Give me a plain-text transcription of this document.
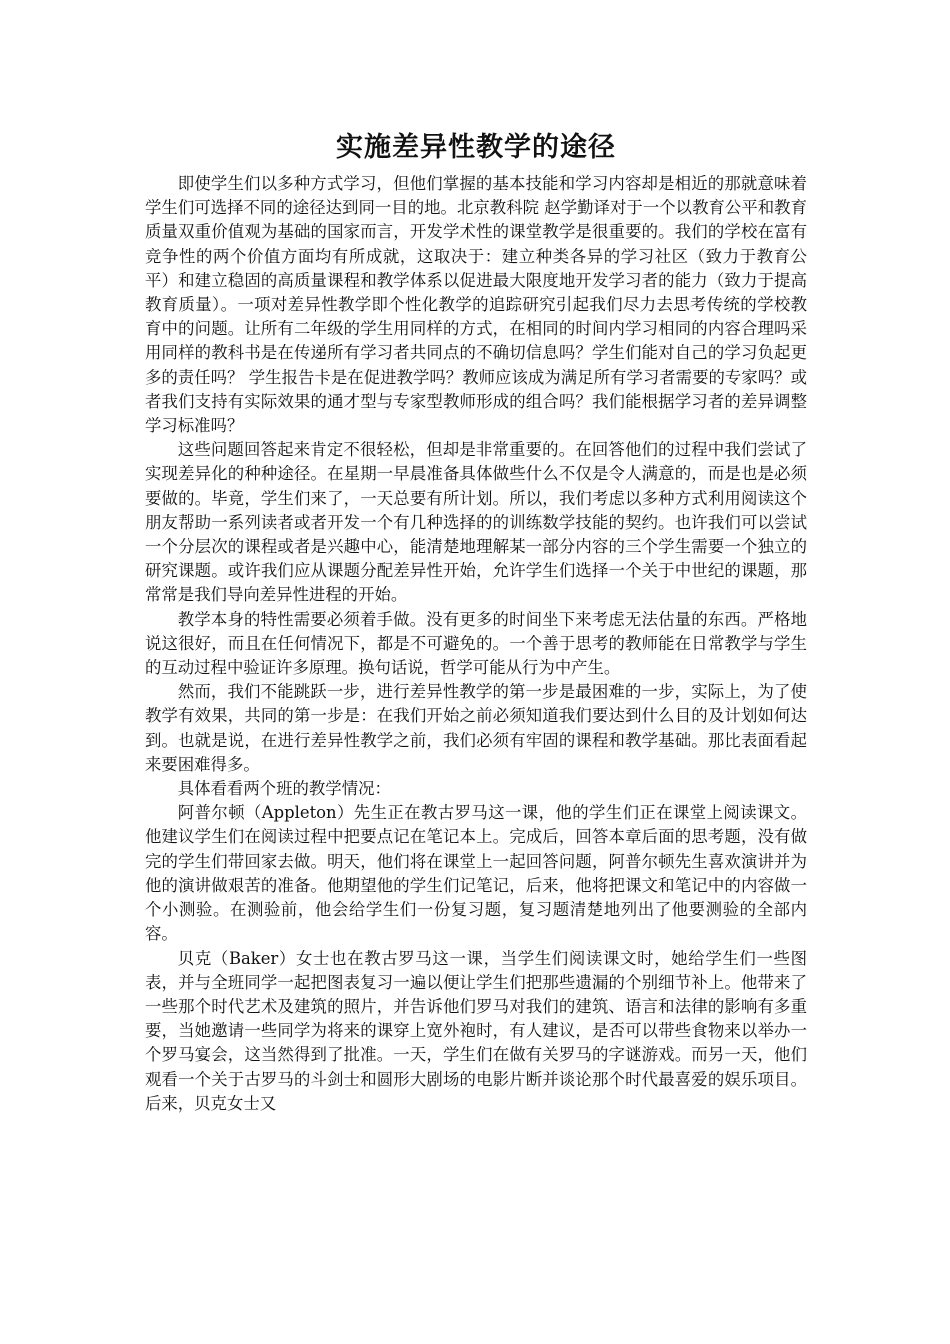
实施差异性教学的途径

即使学生们以多种方式学习，但他们掌握的基本技能和学习内容却是相近的那就意味着学生们可选择不同的途径达到同一目的地。北京教科院 赵学勤译对于一个以教育公平和教育质量双重价值观为基础的国家而言，开发学术性的课堂教学是很重要的。我们的学校在富有竞争性的两个价值方面均有所成就，这取决于：建立种类各异的学习社区（致力于教育公平）和建立稳固的高质量课程和教学体系以促进最大限度地开发学习者的能力（致力于提高教育质量）。一项对差异性教学即个性化教学的追踪研究引起我们尽力去思考传统的学校教育中的问题。让所有二年级的学生用同样的方式，在相同的时间内学习相同的内容合理吗采用同样的教科书是在传递所有学习者共同点的不确切信息吗？学生们能对自己的学习负起更多的责任吗？ 学生报告卡是在促进教学吗？教师应该成为满足所有学习者需要的专家吗？或者我们支持有实际效果的通才型与专家型教师形成的组合吗？我们能根据学习者的差异调整学习标准吗？

这些问题回答起来肯定不很轻松，但却是非常重要的。在回答他们的过程中我们尝试了实现差异化的种种途径。在星期一早晨准备具体做些什么不仅是令人满意的，而是也是必须要做的。毕竟，学生们来了，一天总要有所计划。所以，我们考虑以多种方式利用阅读这个朋友帮助一系列读者或者开发一个有几种选择的的训练数学技能的契约。也许我们可以尝试一个分层次的课程或者是兴趣中心，能清楚地理解某一部分内容的三个学生需要一个独立的研究课题。或许我们应从课题分配差异性开始，允许学生们选择一个关于中世纪的课题，那常常是我们导向差异性进程的开始。

教学本身的特性需要必须着手做。没有更多的时间坐下来考虑无法估量的东西。严格地说这很好，而且在任何情况下，都是不可避免的。一个善于思考的教师能在日常教学与学生的互动过程中验证许多原理。换句话说，哲学可能从行为中产生。

然而，我们不能跳跃一步，进行差异性教学的第一步是最困难的一步，实际上，为了使教学有效果，共同的第一步是：在我们开始之前必须知道我们要达到什么目的及计划如何达到。也就是说，在进行差异性教学之前，我们必须有牢固的课程和教学基础。那比表面看起来要困难得多。

具体看看两个班的教学情况：

阿普尔顿（Appleton）先生正在教古罗马这一课，他的学生们正在课堂上阅读课文。他建议学生们在阅读过程中把要点记在笔记本上。完成后，回答本章后面的思考题，没有做完的学生们带回家去做。明天，他们将在课堂上一起回答问题，阿普尔顿先生喜欢演讲并为他的演讲做艰苦的准备。他期望他的学生们记笔记，后来，他将把课文和笔记中的内容做一个小测验。在测验前，他会给学生们一份复习题，复习题清楚地列出了他要测验的全部内容。

贝克（Baker）女士也在教古罗马这一课，当学生们阅读课文时，她给学生们一些图表，并与全班同学一起把图表复习一遍以便让学生们把那些遗漏的个别细节补上。他带来了一些那个时代艺术及建筑的照片，并告诉他们罗马对我们的建筑、语言和法律的影响有多重要，当她邀请一些同学为将来的课穿上宽外袍时，有人建议，是否可以带些食物来以举办一个罗马宴会，这当然得到了批准。一天，学生们在做有关罗马的字谜游戏。而另一天，他们观看一个关于古罗马的斗剑士和圆形大剧场的电影片断并谈论那个时代最喜爱的娱乐项目。后来，贝克女士又
